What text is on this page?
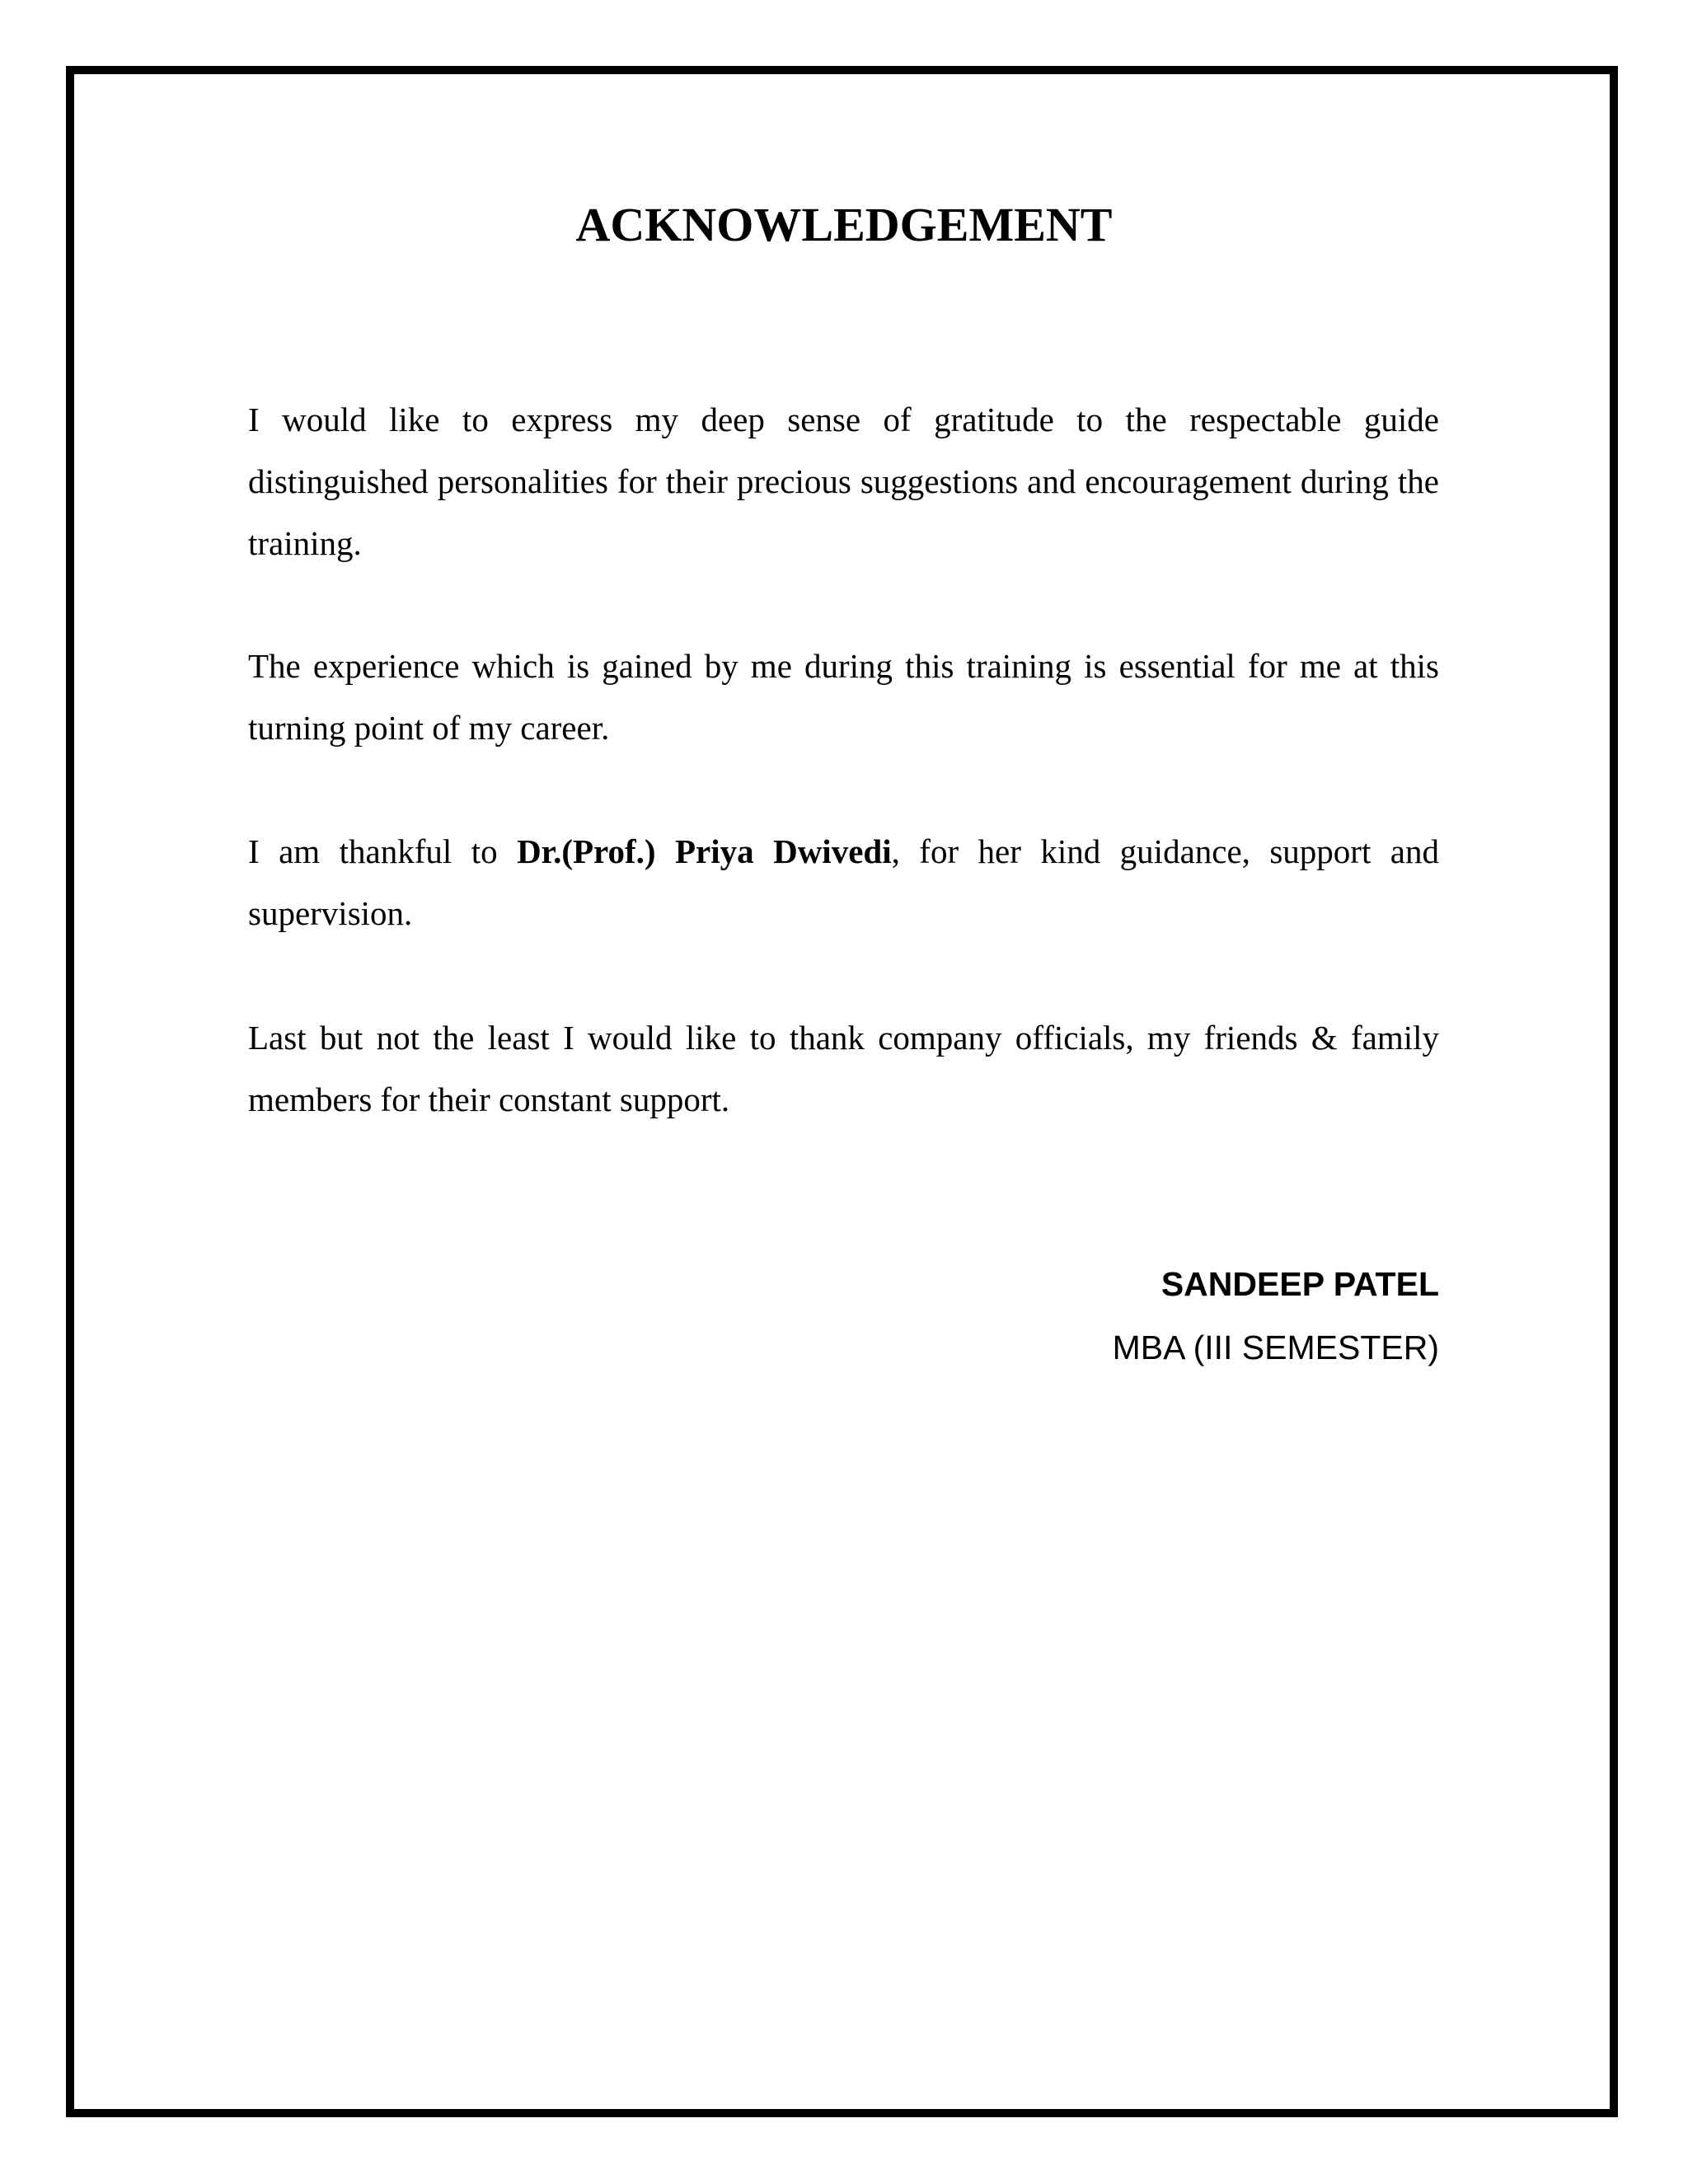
ACKNOWLEDGEMENT

I would like to express my deep sense of gratitude to the respectable guide distinguished personalities for their precious suggestions and encouragement during the training.

The experience which is gained by me during this training is essential for me at this turning point of my career.

I am thankful to Dr.(Prof.) Priya Dwivedi, for her kind guidance, support and supervision.

Last but not the least I would like to thank company officials, my friends & family members for their constant support.

SANDEEP PATEL

MBA (III SEMESTER)
